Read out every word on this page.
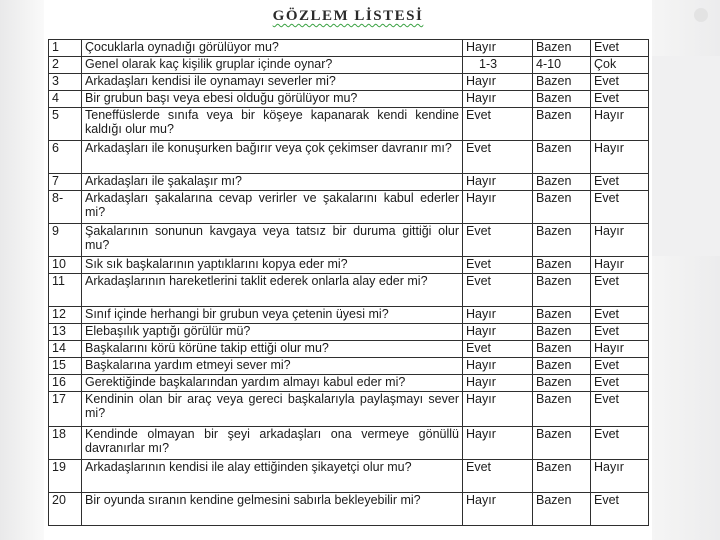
GÖZLEM LİSTESİ
1	Çocuklarla oynadığı görülüyor mu?	Hayır	Bazen	Evet
2	Genel olarak kaç kişilik gruplar içinde oynar?	1-3	4-10	Çok
3	Arkadaşları kendisi ile oynamayı severler mi?	Hayır	Bazen	Evet
4	Bir grubun başı veya ebesi olduğu görülüyor mu?	Hayır	Bazen	Evet
5	Teneffüslerde sınıfa veya bir köşeye kapanarak kendi kendine kaldığı olur mu?	Evet	Bazen	Hayır
6	Arkadaşları ile konuşurken bağırır veya çok çekimser davranır mı?	Evet	Bazen	Hayır
7	Arkadaşları ile şakalaşır mı?	Hayır	Bazen	Evet
8-	Arkadaşları şakalarına cevap verirler ve şakalarını kabul ederler mi?	Hayır	Bazen	Evet
9	Şakalarının sonunun kavgaya veya tatsız bir duruma gittiği olur mu?	Evet	Bazen	Hayır
10	Sık sık başkalarının yaptıklarını kopya eder mi?	Evet	Bazen	Hayır
11	Arkadaşlarının hareketlerini taklit ederek onlarla alay eder mi?	Evet	Bazen	Evet
12	Sınıf içinde herhangi bir grubun veya çetenin üyesi mi?	Hayır	Bazen	Evet
13	Elebaşılık yaptığı görülür mü?	Hayır	Bazen	Evet
14	Başkalarını körü körüne takip ettiği olur mu?	Evet	Bazen	Hayır
15	Başkalarına yardım etmeyi sever mi?	Hayır	Bazen	Evet
16	Gerektiğinde başkalarından yardım almayı kabul eder mi?	Hayır	Bazen	Evet
17	Kendinin olan bir araç veya gereci başkalarıyla paylaşmayı sever mi?	Hayır	Bazen	Evet
18	Kendinde olmayan bir şeyi arkadaşları ona vermeye gönüllü davranırlar mı?	Hayır	Bazen	Evet
19	Arkadaşlarının kendisi ile alay ettiğinden şikayetçi olur mu?	Evet	Bazen	Hayır
20	Bir oyunda sıranın kendine gelmesini sabırla bekleyebilir mi?	Hayır	Bazen	Evet
